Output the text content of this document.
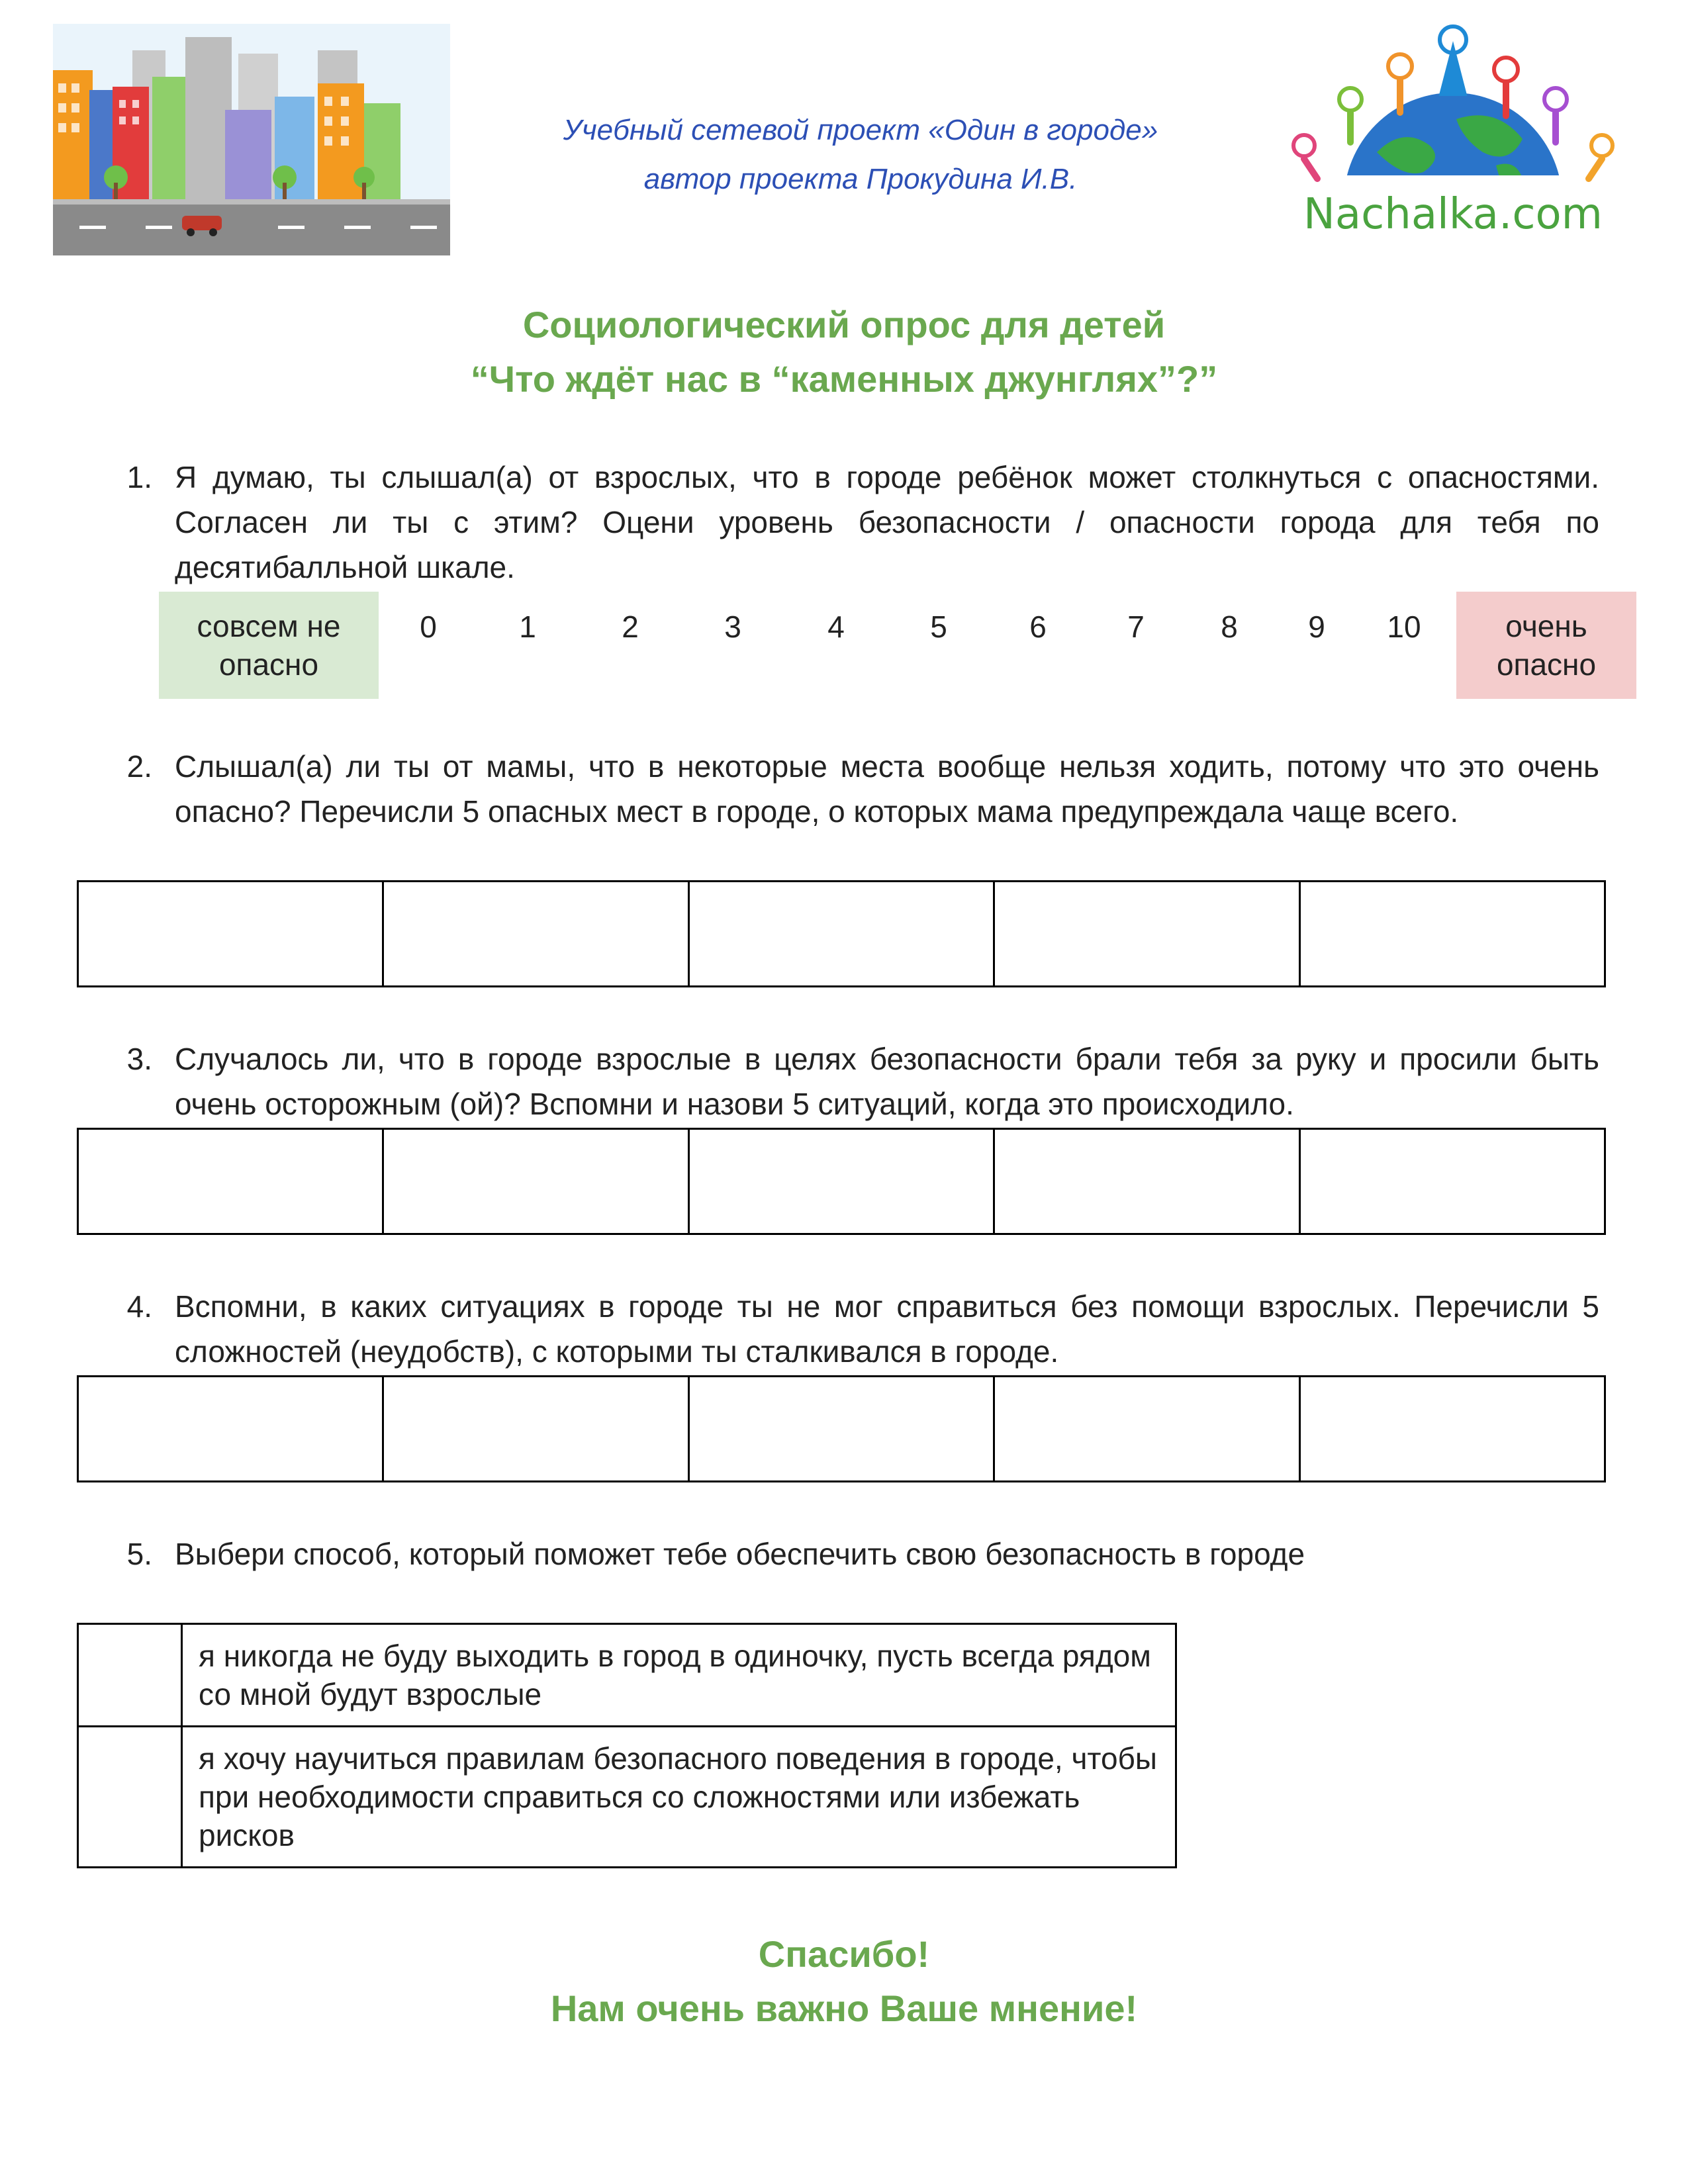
Учебный сетевой проект «Один в городе»
автор проекта Прокудина И.В.
Nachalka.com
Социологический опрос для детей
“Что ждёт нас в “каменных джунглях”?”
1. Я думаю, ты слышал(а) от взрослых, что в городе ребёнок может столкнуться с опасностями. Согласен ли ты с этим? Оцени уровень безопасности / опасности города для тебя по десятибалльной шкале.
совсем не опасно
0	1	2	3	4	5	6	7	8	9	10	очень опасно
2. Слышал(а) ли ты от мамы, что в некоторые места вообще нельзя ходить, потому что это очень опасно? Перечисли 5 опасных мест в городе, о которых мама предупреждала чаще всего.
3. Случалось ли, что в городе взрослые в целях безопасности брали тебя за руку и просили быть очень осторожным (ой)? Вспомни и назови 5 ситуаций, когда это происходило.
4. Вспомни, в каких ситуациях в городе ты не мог справиться без помощи взрослых. Перечисли 5 сложностей (неудобств), с которыми ты сталкивался в городе.
5. Выбери способ, который поможет тебе обеспечить свою безопасность в городе
я никогда не буду выходить в город в одиночку, пусть всегда рядом со мной будут взрослые
я хочу научиться правилам безопасного поведения в городе, чтобы при необходимости справиться со сложностями или избежать рисков
Спасибо!
Нам очень важно Ваше мнение!
